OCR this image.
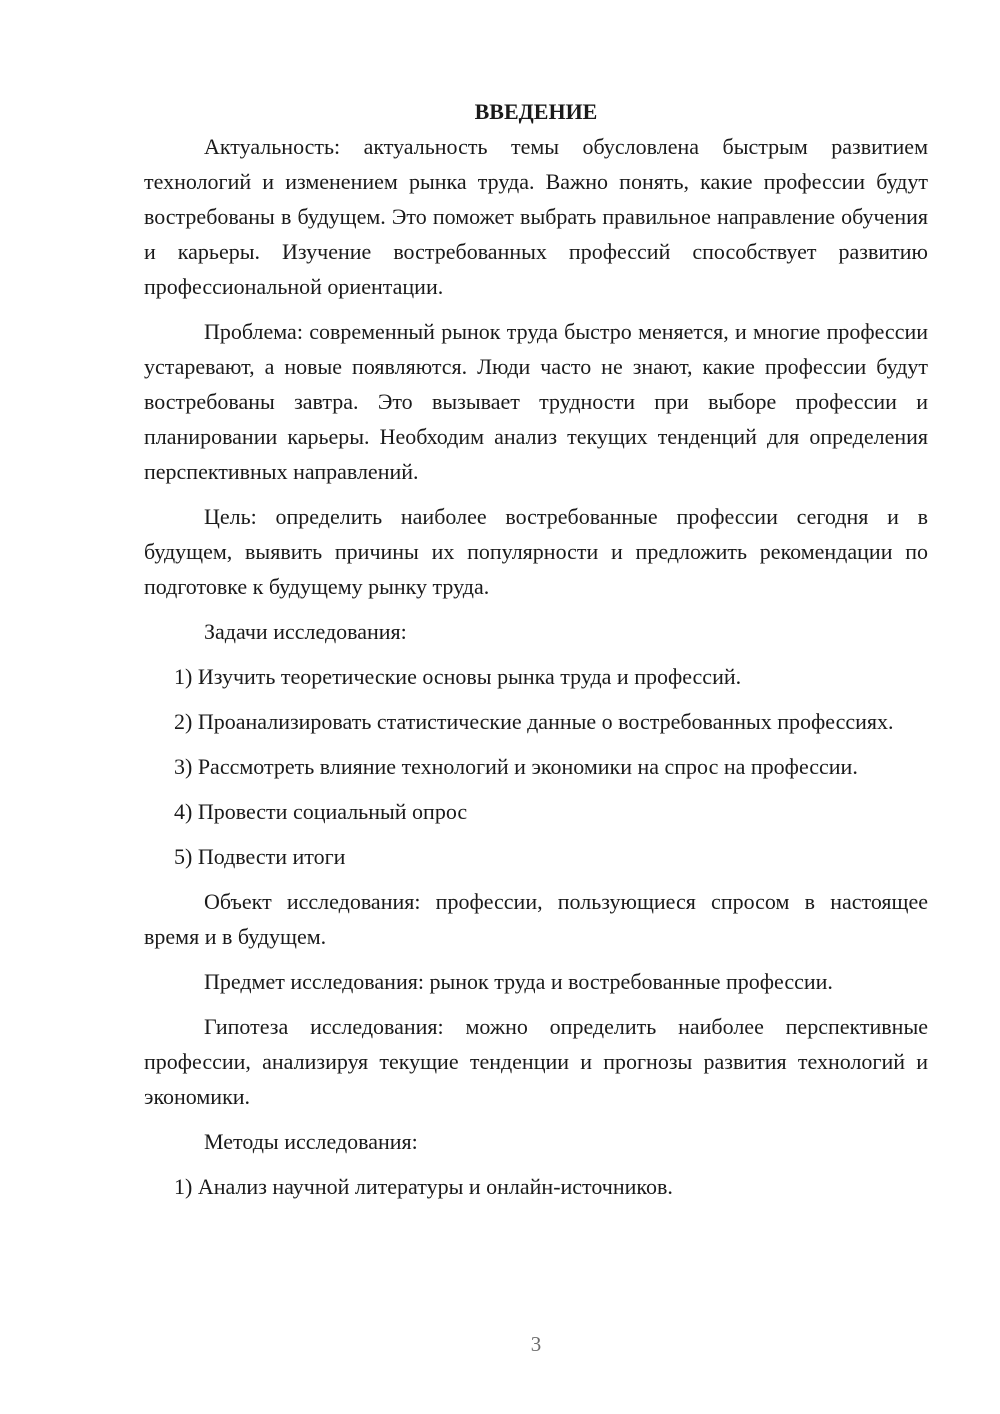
ВВЕДЕНИЕ

Актуальность: актуальность темы обусловлена быстрым развитием технологий и изменением рынка труда. Важно понять, какие профессии будут востребованы в будущем. Это поможет выбрать правильное направление обучения и карьеры. Изучение востребованных профессий способствует развитию профессиональной ориентации.

Проблема: современный рынок труда быстро меняется, и многие профессии устаревают, а новые появляются. Люди часто не знают, какие профессии будут востребованы завтра. Это вызывает трудности при выборе профессии и планировании карьеры. Необходим анализ текущих тенденций для определения перспективных направлений.

Цель: определить наиболее востребованные профессии сегодня и в будущем, выявить причины их популярности и предложить рекомендации по подготовке к будущему рынку труда.

Задачи исследования:

1) Изучить теоретические основы рынка труда и профессий.

2) Проанализировать статистические данные о востребованных профессиях.

3) Рассмотреть влияние технологий и экономики на спрос на профессии.

4) Провести социальный опрос

5) Подвести итоги

Объект исследования: профессии, пользующиеся спросом в настоящее время и в будущем.

Предмет исследования: рынок труда и востребованные профессии.

Гипотеза исследования: можно определить наиболее перспективные профессии, анализируя текущие тенденции и прогнозы развития технологий и экономики.

Методы исследования:

1) Анализ научной литературы и онлайн-источников.

3
